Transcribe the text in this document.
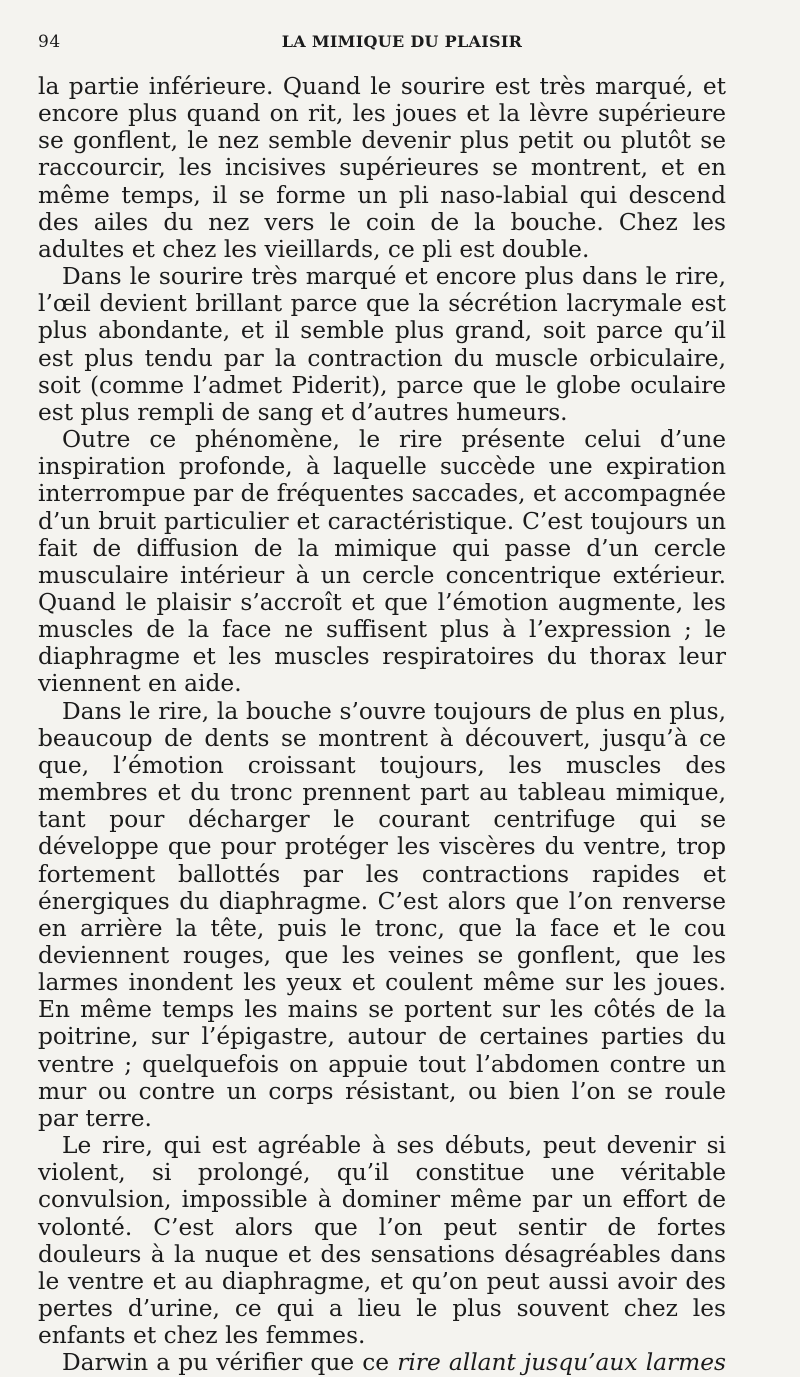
94	LA MIMIQUE DU PLAISIR

la partie inférieure. Quand le sourire est très marqué, et encore plus quand on rit, les joues et la lèvre supérieure se gonflent, le nez semble devenir plus petit ou plutôt se raccourcir, les incisives supérieures se montrent, et en même temps, il se forme un pli naso-labial qui descend des ailes du nez vers le coin de la bouche. Chez les adultes et chez les vieillards, ce pli est double.

Dans le sourire très marqué et encore plus dans le rire, l’œil devient brillant parce que la sécrétion lacrymale est plus abondante, et il semble plus grand, soit parce qu’il est plus tendu par la contraction du muscle orbiculaire, soit (comme l’admet Piderit), parce que le globe oculaire est plus rempli de sang et d’autres humeurs.

Outre ce phénomène, le rire présente celui d’une inspiration profonde, à laquelle succède une expiration interrompue par de fréquentes saccades, et accompagnée d’un bruit particulier et caractéristique. C’est toujours un fait de diffusion de la mimique qui passe d’un cercle musculaire intérieur à un cercle concentrique extérieur. Quand le plaisir s’accroît et que l’émotion augmente, les muscles de la face ne suffisent plus à l’expression ; le diaphragme et les muscles respiratoires du thorax leur viennent en aide.

Dans le rire, la bouche s’ouvre toujours de plus en plus, beaucoup de dents se montrent à découvert, jusqu’à ce que, l’émotion croissant toujours, les muscles des membres et du tronc prennent part au tableau mimique, tant pour décharger le courant centrifuge qui se développe que pour protéger les viscères du ventre, trop fortement ballottés par les contractions rapides et énergiques du diaphragme. C’est alors que l’on renverse en arrière la tête, puis le tronc, que la face et le cou deviennent rouges, que les veines se gonflent, que les larmes inondent les yeux et coulent même sur les joues. En même temps les mains se portent sur les côtés de la poitrine, sur l’épigastre, autour de certaines parties du ventre ; quelquefois on appuie tout l’abdomen contre un mur ou contre un corps résistant, ou bien l’on se roule par terre.

Le rire, qui est agréable à ses débuts, peut devenir si violent, si prolongé, qu’il constitue une véritable convulsion, impossible à dominer même par un effort de volonté. C’est alors que l’on peut sentir de fortes douleurs à la nuque et des sensations désagréables dans le ventre et au diaphragme, et qu’on peut aussi avoir des pertes d’urine, ce qui a lieu le plus souvent chez les enfants et chez les femmes.

Darwin a pu vérifier que ce rire allant jusqu’aux larmes
